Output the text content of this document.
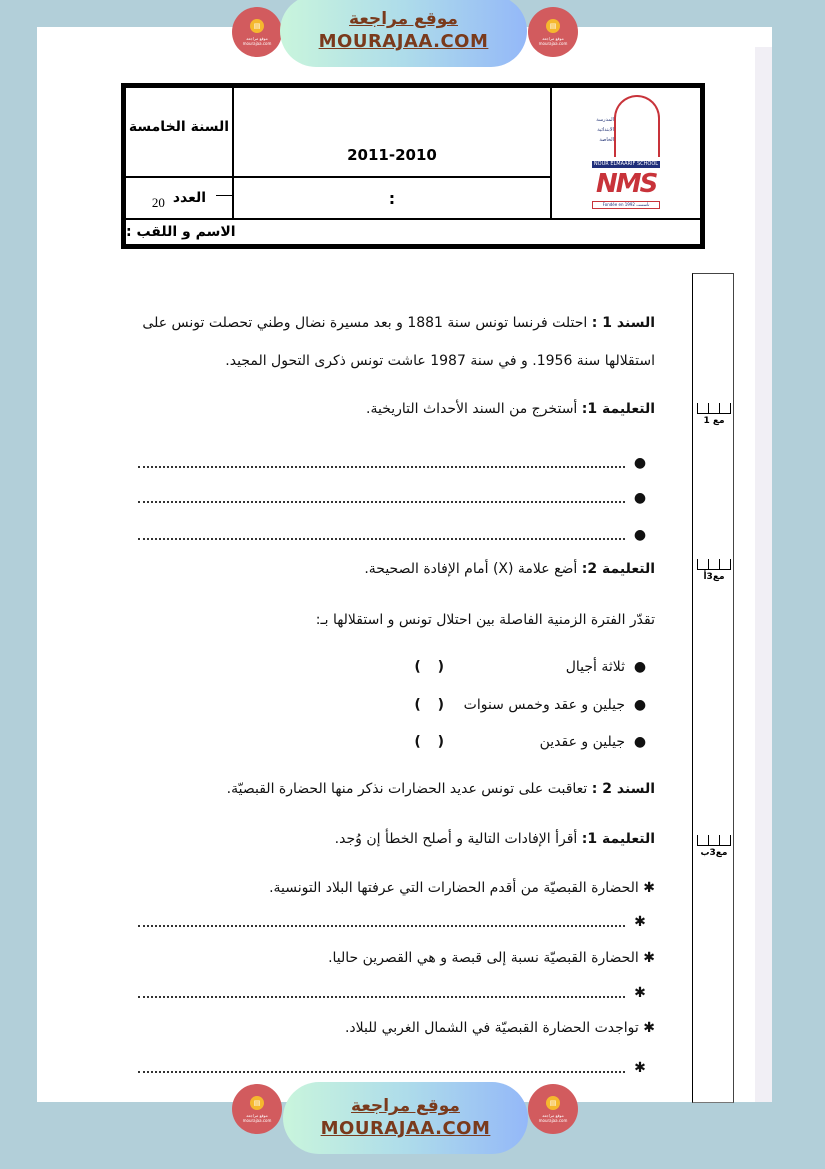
▤
موقع مراجعة
mourajaa.com
موقع مراجعة
MOURAJAA.COM
▤
موقع مراجعة
mourajaa.com
السنة الخامسة
2011-2010
المدرسة
الابتدائية
الخاصة
NOUR ELMAARIF SCHOOL
NMS
Fondée en 1992 تأسست
20 العدد	:
الاسم و اللقب :
مع 1
مع3أ
مع3ب
السند 1 : احتلت فرنسا تونس سنة 1881 و بعد مسيرة نضال وطني تحصلت تونس على
استقلالها سنة 1956. و في سنة 1987 عاشت تونس ذكرى التحول المجيد.
التعليمة 1: أستخرج من السند الأحداث التاريخية.
●
●
●
التعليمة 2: أضع علامة (X) أمام الإفادة الصحيحة.
تقدّر الفترة الزمنية الفاصلة بين احتلال تونس و استقلالها بـ:
●
ثلاثة أجيال
( )
●
جيلين و عقد وخمس سنوات
( )
●
جيلين و عقدين
( )
السند 2 : تعاقبت على تونس عديد الحضارات نذكر منها الحضارة القبصيّة.
التعليمة 1: أقرأ الإفادات التالية و أصلح الخطأ إن وُجد.
✱ الحضارة القبصيّة من أقدم الحضارات التي عرفتها البلاد التونسية.
✱
✱ الحضارة القبصيّة نسبة إلى قبصة و هي القصرين حاليا.
✱
✱ تواجدت الحضارة القبصيّة في الشمال الغربي للبلاد.
✱
▤
موقع مراجعة
mourajaa.com
موقع مراجعة
MOURAJAA.COM
▤
موقع مراجعة
mourajaa.com
